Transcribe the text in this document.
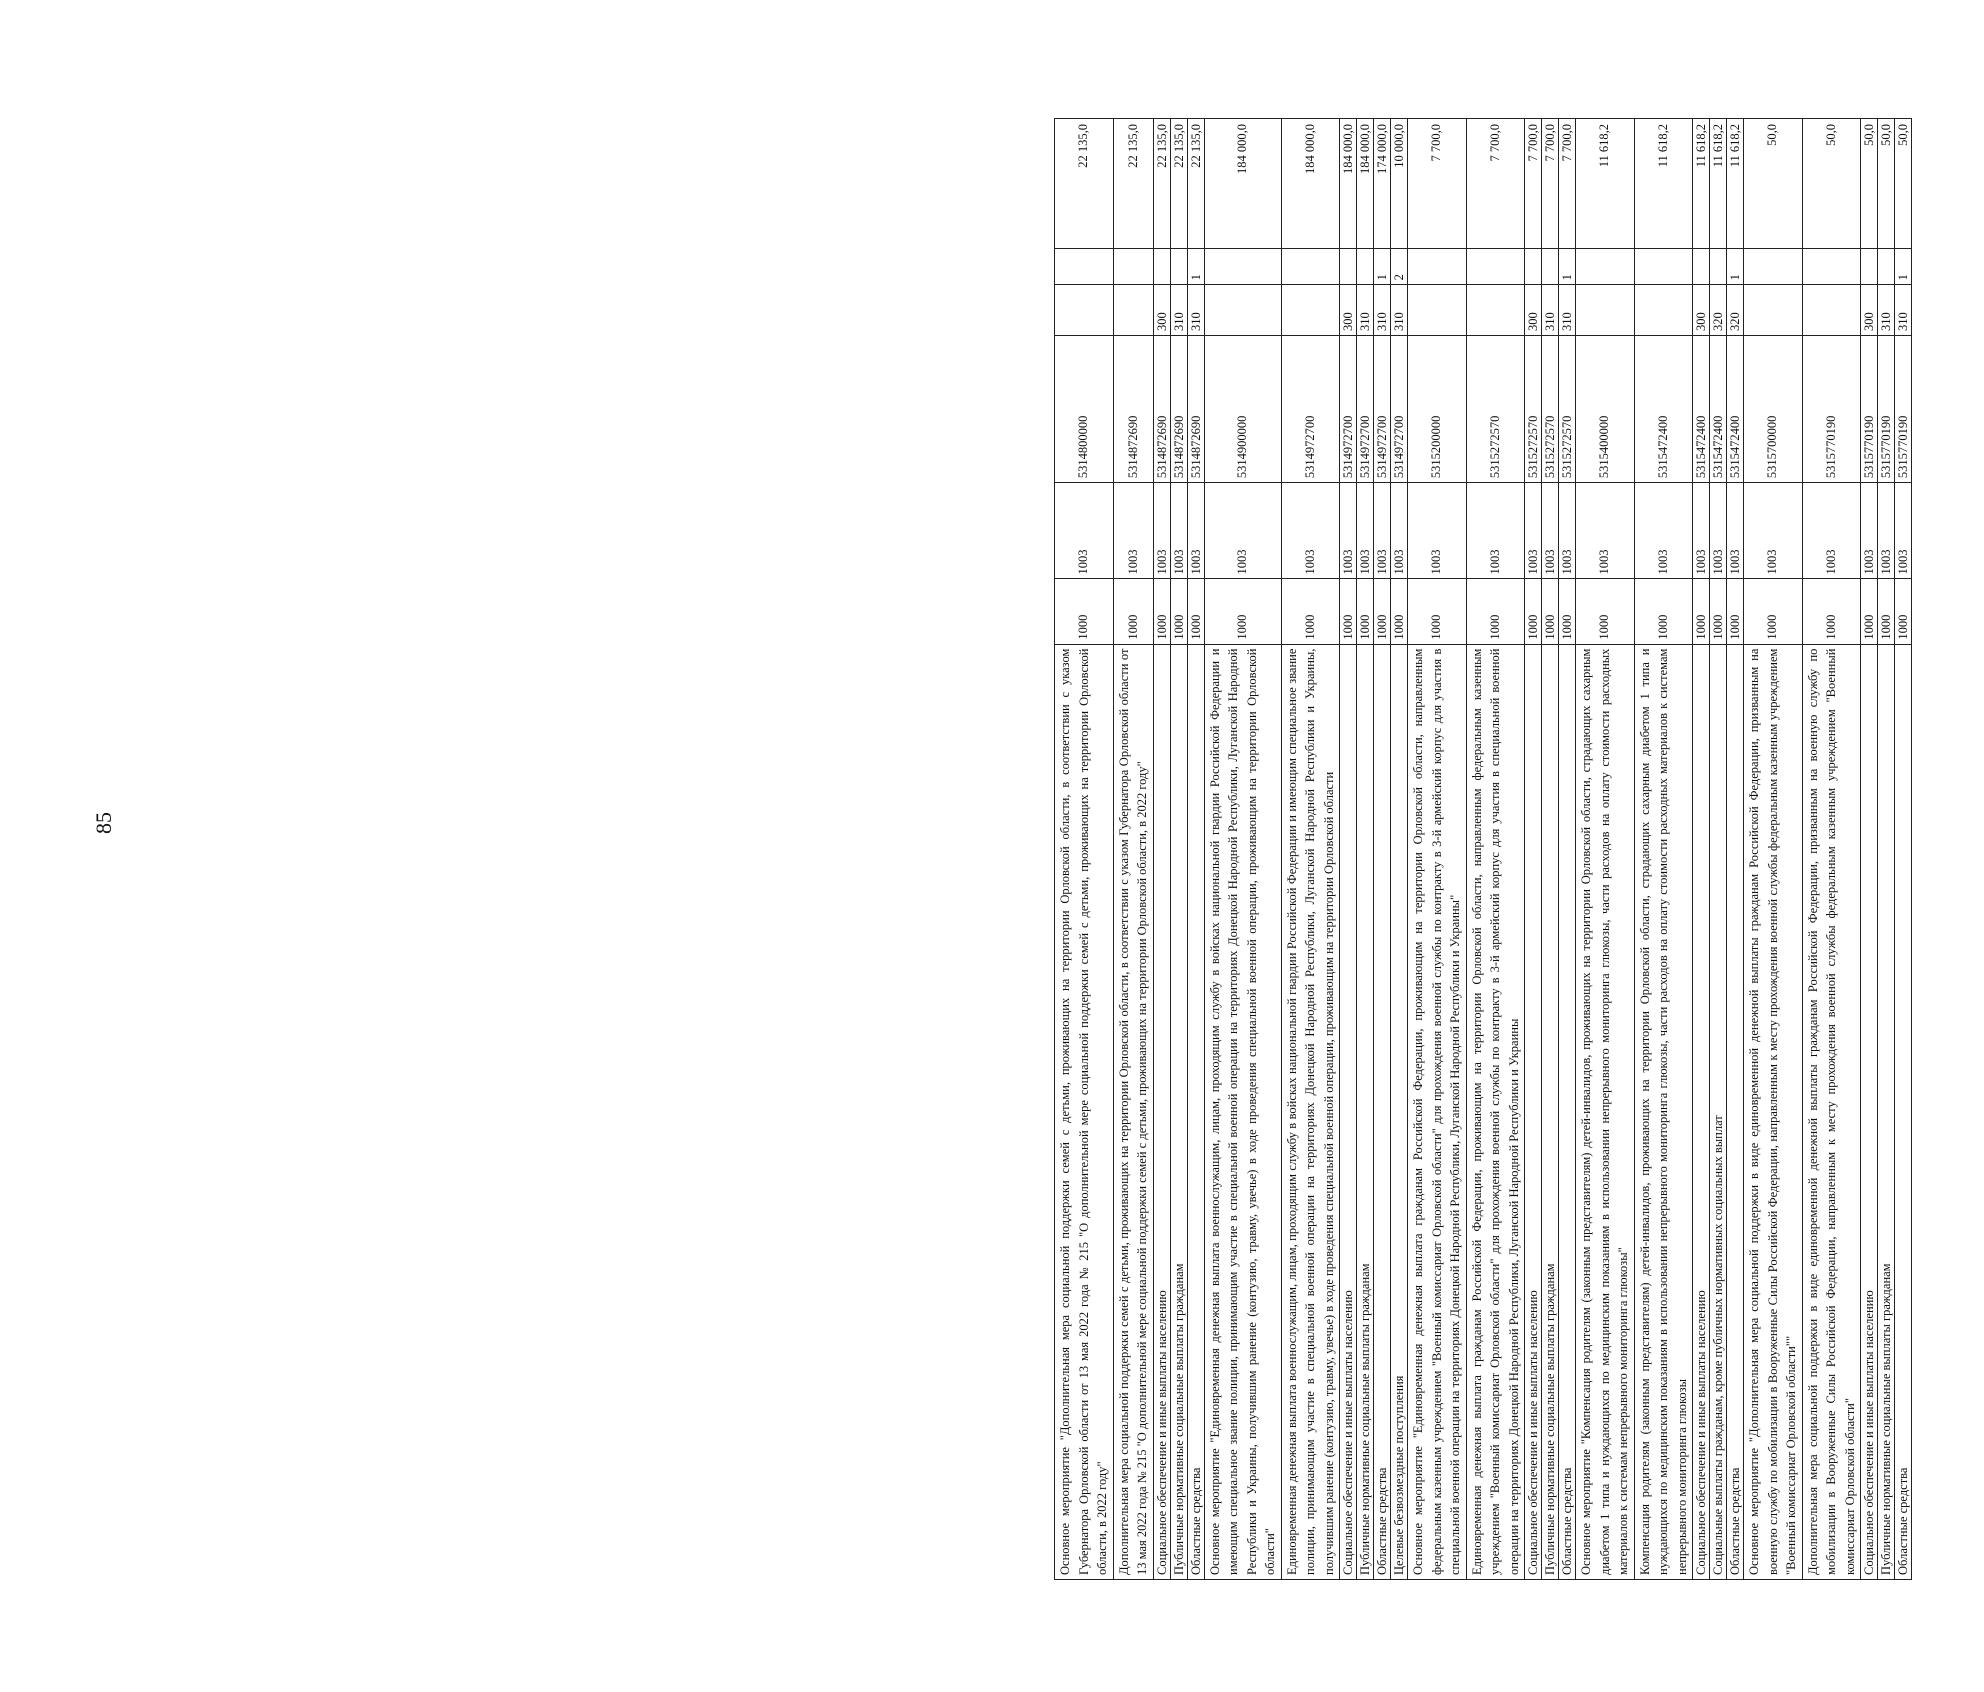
85	Основное мероприятие "Дополнительная мера социальной поддержки семей с детьми, проживающих на территории Орловской области, в соответствии с указом Губернатора Орловской области от 13 мая 2022 года № 215 "О дополнительной мере социальной поддержки семей с детьми, проживающих на территории Орловской области, в 2022 году"	1000	1003	5314800000			22 135,0
Дополнительная мера социальной поддержки семей с детьми, проживающих на территории Орловской области, в соответствии с указом Губернатора Орловской области от 13 мая 2022 года № 215 "О дополнительной мере социальной поддержки семей с детьми, проживающих на территории Орловской области, в 2022 году"	1000	1003	5314872690			22 135,0
Социальное обеспечение и иные выплаты населению	1000	1003	5314872690	300		22 135,0
Публичные нормативные социальные выплаты гражданам	1000	1003	5314872690	310		22 135,0
Областные средства	1000	1003	5314872690	310	1	22 135,0
Основное мероприятие "Единовременная денежная выплата военнослужащим, лицам, проходящим службу в войсках национальной гвардии Российской Федерации и имеющим специальное звание полиции, принимающим участие в специальной военной операции на территориях Донецкой Народной Республики, Луганской Народной Республики и Украины, получившим ранение (контузию, травму, увечье) в ходе проведения специальной военной операции, проживающим на территории Орловской области"	1000	1003	5314900000			184 000,0
Единовременная денежная выплата военнослужащим, лицам, проходящим службу в войсках национальной гвардии Российской Федерации и имеющим специальное звание полиции, принимающим участие в специальной военной операции на территориях Донецкой Народной Республики, Луганской Народной Республики и Украины, получившим ранение (контузию, травму, увечье) в ходе проведения специальной военной операции, проживающим на территории Орловской области	1000	1003	5314972700			184 000,0
Социальное обеспечение и иные выплаты населению	1000	1003	5314972700	300		184 000,0
Публичные нормативные социальные выплаты гражданам	1000	1003	5314972700	310		184 000,0
Областные средства	1000	1003	5314972700	310	1	174 000,0
Целевые безвозмездные поступления	1000	1003	5314972700	310	2	10 000,0
Основное мероприятие "Единовременная денежная выплата гражданам Российской Федерации, проживающим на территории Орловской области, направленным федеральным казенным учреждением "Военный комиссариат Орловской области" для прохождения военной службы по контракту в 3-й армейский корпус для участия в специальной военной операции на территориях Донецкой Народной Республики, Луганской Народной Республики и Украины"	1000	1003	5315200000			7 700,0
Единовременная денежная выплата гражданам Российской Федерации, проживающим на территории Орловской области, направленным федеральным казенным учреждением "Военный комиссариат Орловской области" для прохождения военной службы по контракту в 3-й армейский корпус для участия в специальной военной операции на территориях Донецкой Народной Республики, Луганской Народной Республики и Украины	1000	1003	5315272570			7 700,0
Социальное обеспечение и иные выплаты населению	1000	1003	5315272570	300		7 700,0
Публичные нормативные социальные выплаты гражданам	1000	1003	5315272570	310		7 700,0
Областные средства	1000	1003	5315272570	310	1	7 700,0
Основное мероприятие "Компенсация родителям (законным представителям) детей-инвалидов, проживающих на территории Орловской области, страдающих сахарным диабетом 1 типа и нуждающихся по медицинским показаниям в использовании непрерывного мониторинга глюкозы, части расходов на оплату стоимости расходных материалов к системам непрерывного мониторинга глюкозы"	1000	1003	5315400000			11 618,2
Компенсация родителям (законным представителям) детей-инвалидов, проживающих на территории Орловской области, страдающих сахарным диабетом 1 типа и нуждающихся по медицинским показаниям в использовании непрерывного мониторинга глюкозы, части расходов на оплату стоимости расходных материалов к системам непрерывного мониторинга глюкозы	1000	1003	5315472400			11 618,2
Социальное обеспечение и иные выплаты населению	1000	1003	5315472400	300		11 618,2
Социальные выплаты гражданам, кроме публичных нормативных социальных выплат	1000	1003	5315472400	320		11 618,2
Областные средства	1000	1003	5315472400	320	1	11 618,2
Основное мероприятие "Дополнительная мера социальной поддержки в виде единовременной денежной выплаты гражданам Российской Федерации, призванным на военную службу по мобилизации в Вооруженные Силы Российской Федерации, направленным к месту прохождения военной службы федеральным казенным учреждением "Военный комиссариат Орловской области""	1000	1003	5315700000			50,0
Дополнительная мера социальной поддержки в виде единовременной денежной выплаты гражданам Российской Федерации, призванным на военную службу по мобилизации в Вооруженные Силы Российской Федерации, направленным к месту прохождения военной службы федеральным казенным учреждением "Военный комиссариат Орловской области"	1000	1003	5315770190			50,0
Социальное обеспечение и иные выплаты населению	1000	1003	5315770190	300		50,0
Публичные нормативные социальные выплаты гражданам	1000	1003	5315770190	310		50,0
Областные средства	1000	1003	5315770190	310	1	50,0
